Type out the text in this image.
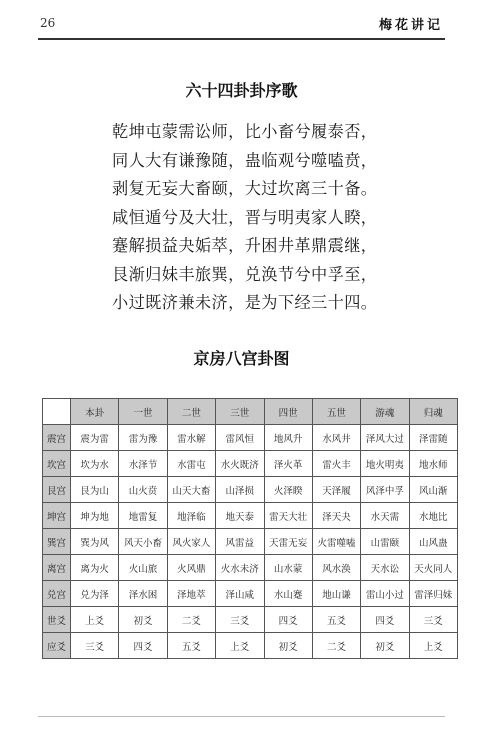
26	梅花讲记
六十四卦卦序歌
乾坤屯蒙需讼师，比小畜兮履泰否，
同人大有谦豫随，蛊临观兮噬嗑贲，
剥复无妄大畜颐，大过坎离三十备。
咸恒遁兮及大壮，晋与明夷家人睽，
蹇解损益夬姤萃，升困井革鼎震继，
艮渐归妹丰旅巽，兑涣节兮中孚至，
小过既济兼未济，是为下经三十四。
京房八宫卦图
	本卦	一世	二世	三世	四世	五世	游魂	归魂
震宫	震为雷	雷为豫	雷水解	雷风恒	地风升	水风井	泽风大过	泽雷随
坎宫	坎为水	水泽节	水雷屯	水火既济	泽火革	雷火丰	地火明夷	地水师
艮宫	艮为山	山火贲	山天大畜	山泽损	火泽睽	天泽履	风泽中孚	风山渐
坤宫	坤为地	地雷复	地泽临	地天泰	雷天大壮	泽天夬	水天需	水地比
巽宫	巽为风	风天小畜	风火家人	风雷益	天雷无妄	火雷噬嗑	山雷颐	山风蛊
离宫	离为火	火山旅	火风鼎	火水未济	山水蒙	风水涣	天水讼	天火同人
兑宫	兑为泽	泽水困	泽地萃	泽山咸	水山蹇	地山谦	雷山小过	雷泽归妹
世爻	上爻	初爻	二爻	三爻	四爻	五爻	四爻	三爻
应爻	三爻	四爻	五爻	上爻	初爻	二爻	初爻	上爻
